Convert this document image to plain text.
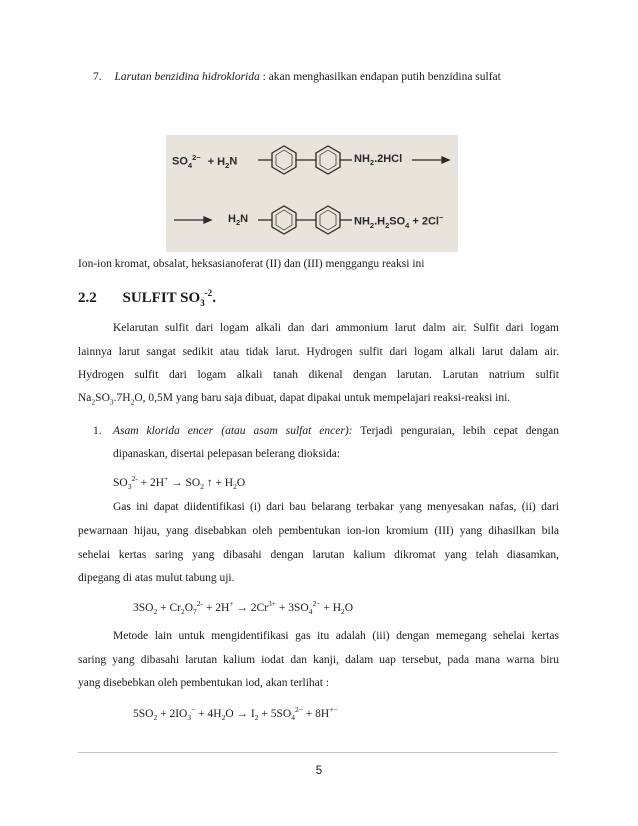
7. Larutan benzidina hidroklorida : akan menghasilkan endapan putih benzidina sulfat
$SO_4^{2-} + H_2N$	$NH_2.2HCl$
$H_2N$	$NH_2.H_2SO_4 + 2Cl^-$
Ion-ion kromat, obsalat, heksasianoferat (II) dan (III) menggangu reaksi ini
2.2 SULFIT $SO_3^{-2}$.
Kelarutan sulfit dari logam alkali dan dari ammonium larut dalm air. Sulfit dari logam
lainnya larut sangat sedikit atau tidak larut. Hydrogen sulfit dari logam alkali larut dalam air.
Hydrogen sulfit dari logam alkali tanah dikenal dengan larutan. Larutan natrium sulfit
$Na_2SO_3.7H_2O$, 0,5M yang baru saja dibuat, dapat dipakai untuk mempelajari reaksi-reaksi ini.
1. Asam klorida encer (atau asam sulfat encer): Terjadi penguraian, lebih cepat dengan
dipanaskan, disertai pelepasan belerang dioksida:
$SO_3^{2-} + 2H^+ \to SO_2$ ↑ + $H_2O$
Gas ini dapat diidentifikasi (i) dari bau belarang terbakar yang menyesakan nafas, (ii) dari
pewarnaan hijau, yang disebabkan oleh pembentukan ion-ion kromium (III) yang dihasilkan bila
sehelai kertas saring yang dibasahi dengan larutan kalium dikromat yang telah diasamkan,
dipegang di atas mulut tabung uji.
$3SO_2 + Cr_2O_7^{2-} + 2H^+ \to 2Cr^{3+} + 3SO_4^{2-} + H_2O$
Metode lain untuk mengidentifikasi gas itu adalah (iii) dengan memegang sehelai kertas
saring yang dibasahi larutan kalium iodat dan kanji, dalam uap tersebut, pada mana warna biru
yang disebebkan oleh pembentukan iod, akan terlihat :
$5SO_2 + 2IO_3^- + 4H_2O \to I_2 + 5SO_4^{2-} + 8H^{+-}$
5
